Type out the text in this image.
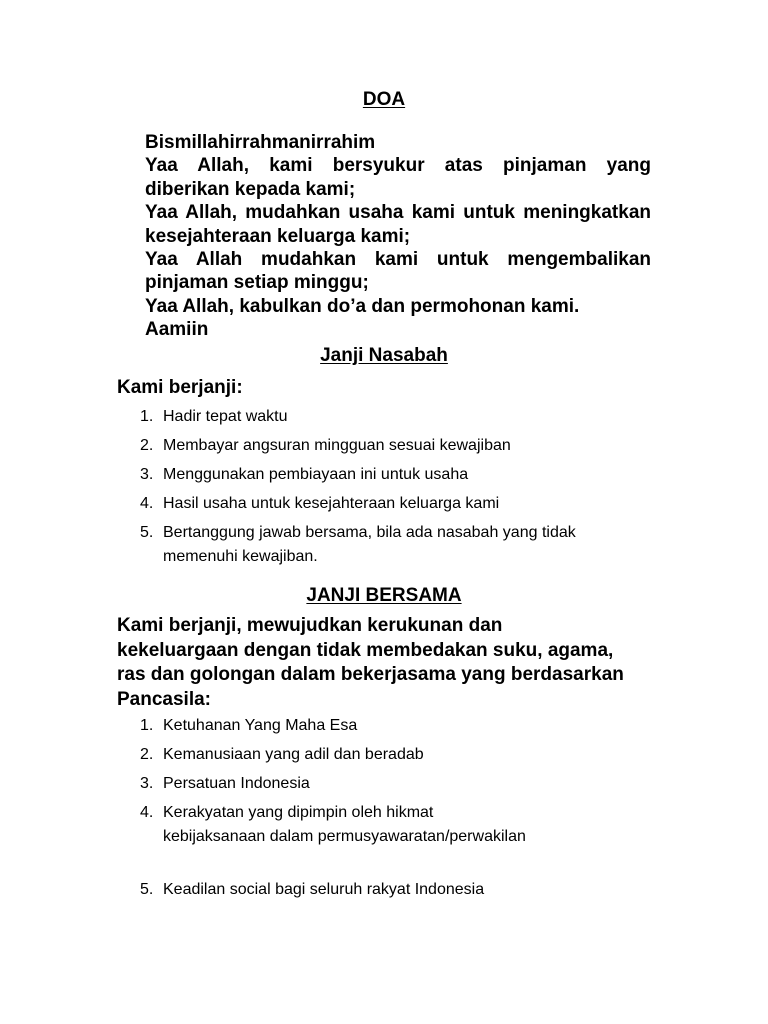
DOA

Bismillahirrahmanirrahim

Yaa Allah, kami bersyukur atas pinjaman yang diberikan kepada kami;

Yaa Allah, mudahkan usaha kami untuk meningkatkan kesejahteraan keluarga kami;

Yaa Allah mudahkan kami untuk mengembalikan pinjaman setiap minggu;

Yaa Allah, kabulkan do’a dan permohonan kami.

Aamiin

Janji Nasabah
Kami berjanji:
1. Hadir tepat waktu
2. Membayar angsuran mingguan sesuai kewajiban
3. Menggunakan pembiayaan ini untuk usaha
4. Hasil usaha untuk kesejahteraan keluarga kami
5. Bertanggung jawab bersama, bila ada nasabah yang tidak memenuhi kewajiban.
JANJI BERSAMA

Kami berjanji, mewujudkan kerukunan dan kekeluargaan dengan tidak membedakan suku, agama, ras dan golongan dalam bekerjasama yang berdasarkan Pancasila:

1. Ketuhanan Yang Maha Esa
2. Kemanusiaan yang adil dan beradab
3. Persatuan Indonesia
4. Kerakyatan yang dipimpin oleh hikmat kebijaksanaan dalam permusyawaratan/perwakilan
5. Keadilan social bagi seluruh rakyat Indonesia
